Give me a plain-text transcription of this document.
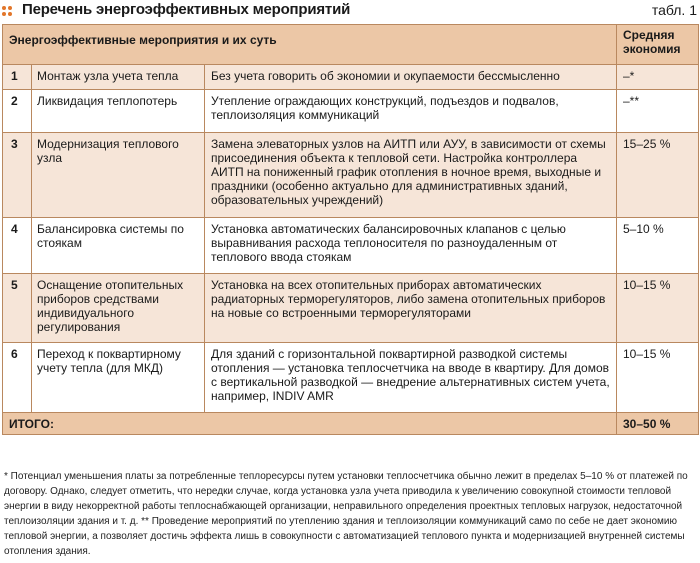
Перечень энергоэффективных мероприятий	табл. 1
Энергоэффективные мероприятия и их суть	Средняя экономия
1	Монтаж узла учета тепла	Без учета говорить об экономии и окупаемости бессмысленно	–*
2	Ликвидация теплопотерь	Утепление ограждающих конструкций, подъездов и подвалов, теплоизоляция коммуникаций	–**
3	Модернизация теплового узла	Замена элеваторных узлов на АИТП или АУУ, в зависимости от схемы присоединения объекта к тепловой сети. Настройка контроллера АИТП на пониженный график отопления в ночное время, выходные и праздники (особенно актуально для административных зданий, образовательных учреждений)	15–25 %
4	Балансировка системы по стоякам	Установка автоматических балансировочных клапанов с целью выравнивания расхода теплоносителя по разноудаленным от теплового ввода стоякам	5–10 %
5	Оснащение отопительных приборов средствами индивидуального регулирования	Установка на всех отопительных приборах автоматических радиаторных терморегуляторов, либо замена отопительных приборов на новые со встроенными терморегуляторами	10–15 %
6	Переход к поквартирному учету тепла (для МКД)	Для зданий с горизонтальной поквартирной разводкой системы отопления — установка теплосчетчика на вводе в квартиру. Для домов с вертикальной разводкой — внедрение альтернативных систем учета, например, INDIV AMR	10–15 %
ИТОГО:			30–50 %
* Потенциал уменьшения платы за потребленные теплоресурсы путем установки теплосчетчика обычно лежит в пределах 5–10 % от платежей по договору. Однако, следует отметить, что нередки случае, когда установка узла учета приводила к увеличению совокупной стоимости тепловой энергии в виду некорректной работы теплоснабжающей организации, неправильного определения проектных тепловых нагрузок, недостаточной теплоизоляции здания и т. д. ** Проведение мероприятий по утеплению здания и теплоизоляции коммуникаций само по себе не дает экономию тепловой энергии, а позволяет достичь эффекта лишь в совокупности с автоматизацией теплового пункта и модернизацией внутренней системы отопления здания.
